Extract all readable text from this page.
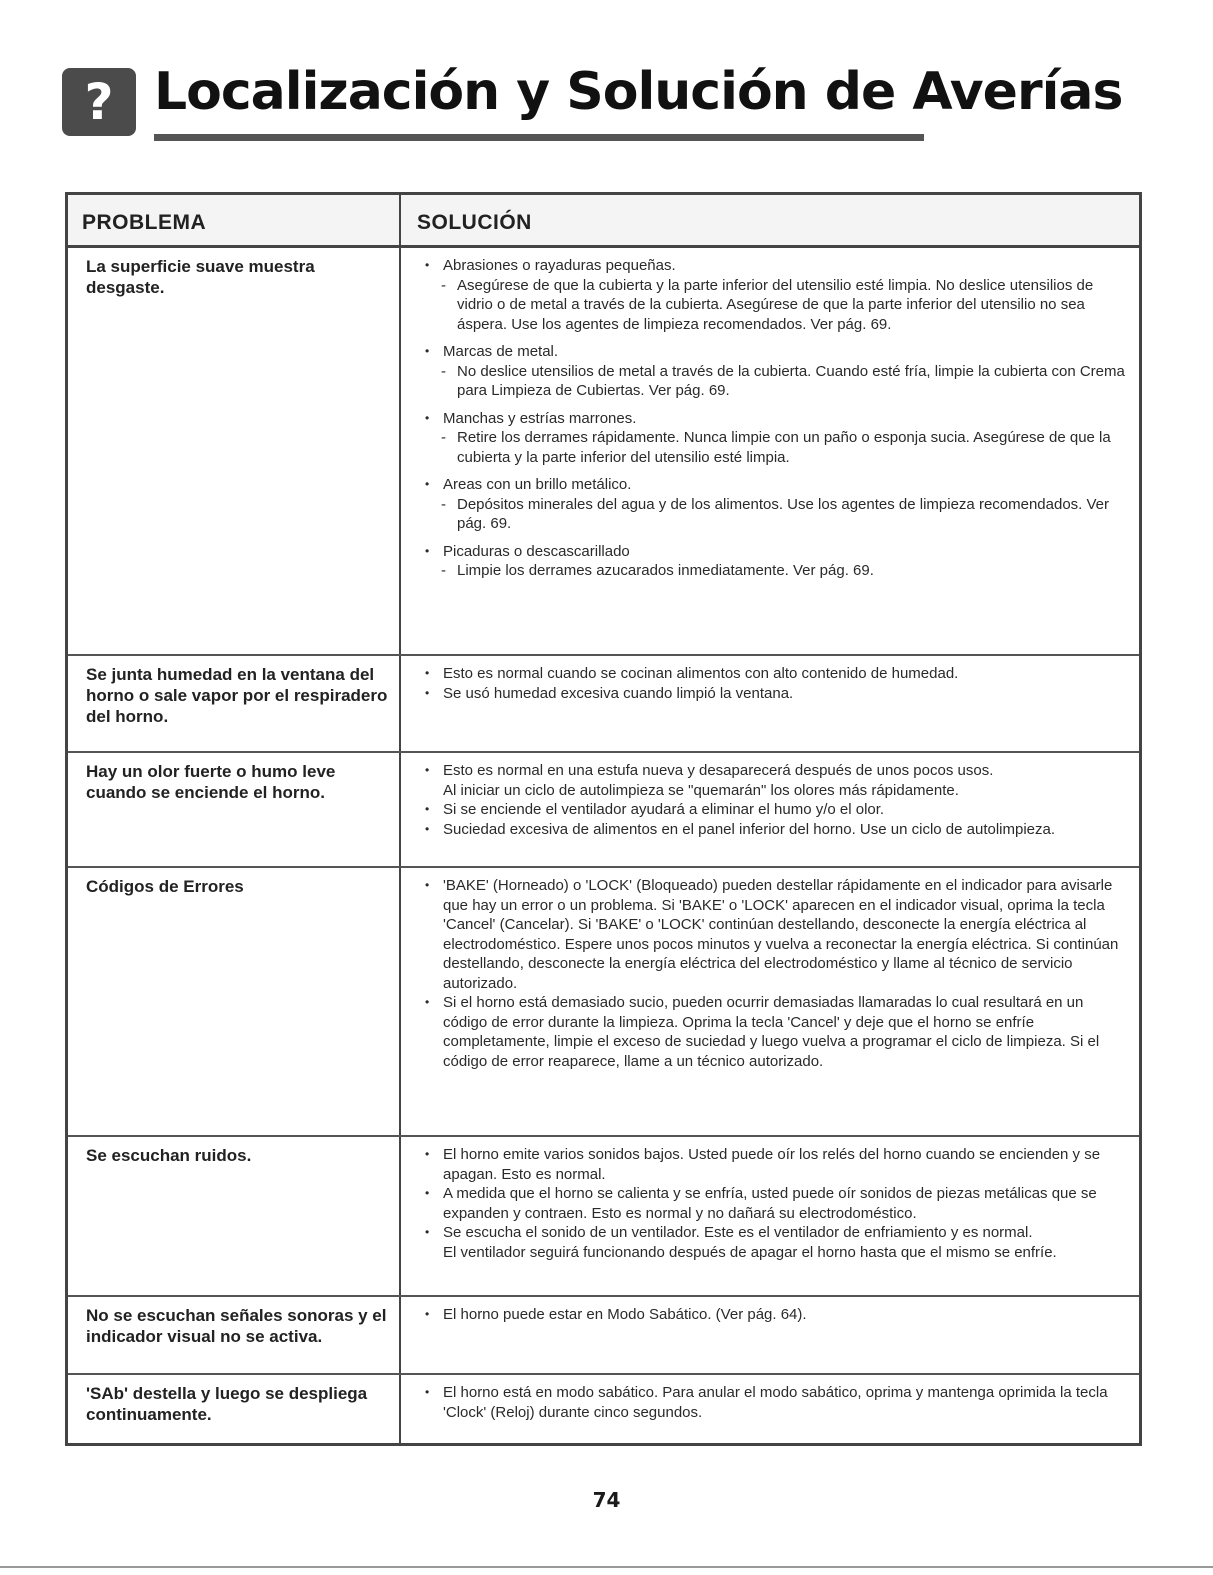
? Localización y Solución de Averías
PROBLEMA	SOLUCIÓN
La superficie suave muestra desgaste.
• Abrasiones o rayaduras pequeñas.
- Asegúrese de que la cubierta y la parte inferior del utensilio esté limpia. No deslice utensilios de vidrio o de metal a través de la cubierta. Asegúrese de que la parte inferior del utensilio no sea áspera. Use los agentes de limpieza recomendados. Ver pág. 69.
• Marcas de metal.
- No deslice utensilios de metal a través de la cubierta. Cuando esté fría, limpie la cubierta con Crema para Limpieza de Cubiertas. Ver pág. 69.
• Manchas y estrías marrones.
- Retire los derrames rápidamente. Nunca limpie con un paño o esponja sucia. Asegúrese de que la cubierta y la parte inferior del utensilio esté limpia.
• Areas con un brillo metálico.
- Depósitos minerales del agua y de los alimentos. Use los agentes de limpieza recomendados. Ver pág. 69.
• Picaduras o descascarillado
- Limpie los derrames azucarados inmediatamente. Ver pág. 69.
Se junta humedad en la ventana del horno o sale vapor por el respiradero del horno.
• Esto es normal cuando se cocinan alimentos con alto contenido de humedad.
• Se usó humedad excesiva cuando limpió la ventana.
Hay un olor fuerte o humo leve cuando se enciende el horno.
• Esto es normal en una estufa nueva y desaparecerá después de unos pocos usos.
Al iniciar un ciclo de autolimpieza se "quemarán" los olores más rápidamente.
• Si se enciende el ventilador ayudará a eliminar el humo y/o el olor.
• Suciedad excesiva de alimentos en el panel inferior del horno. Use un ciclo de autolimpieza.
Códigos de Errores	• 'BAKE' (Horneado) o 'LOCK' (Bloqueado) pueden destellar rápidamente en el indicador para avisarle que hay un error o un problema. Si 'BAKE' o 'LOCK' aparecen en el indicador visual, oprima la tecla 'Cancel' (Cancelar). Si 'BAKE' o 'LOCK' continúan destellando, desconecte la energía eléctrica al electrodoméstico. Espere unos pocos minutos y vuelva a reconectar la energía eléctrica. Si continúan destellando, desconecte la energía eléctrica del electrodoméstico y llame al técnico de servicio autorizado.
• Si el horno está demasiado sucio, pueden ocurrir demasiadas llamaradas lo cual resultará en un código de error durante la limpieza. Oprima la tecla 'Cancel' y deje que el horno se enfríe completamente, limpie el exceso de suciedad y luego vuelva a programar el ciclo de limpieza. Si el código de error reaparece, llame a un técnico autorizado.
Se escuchan ruidos.	• El horno emite varios sonidos bajos. Usted puede oír los relés del horno cuando se encienden y se apagan. Esto es normal.
• A medida que el horno se calienta y se enfría, usted puede oír sonidos de piezas metálicas que se expanden y contraen. Esto es normal y no dañará su electrodoméstico.
• Se escucha el sonido de un ventilador. Este es el ventilador de enfriamiento y es normal.
El ventilador seguirá funcionando después de apagar el horno hasta que el mismo se enfríe.
No se escuchan señales sonoras y el indicador visual no se activa.
• El horno puede estar en Modo Sabático. (Ver pág. 64).
'SAb' destella y luego se despliega continuamente.
• El horno está en modo sabático. Para anular el modo sabático, oprima y mantenga oprimida la tecla 'Clock' (Reloj) durante cinco segundos.
74
